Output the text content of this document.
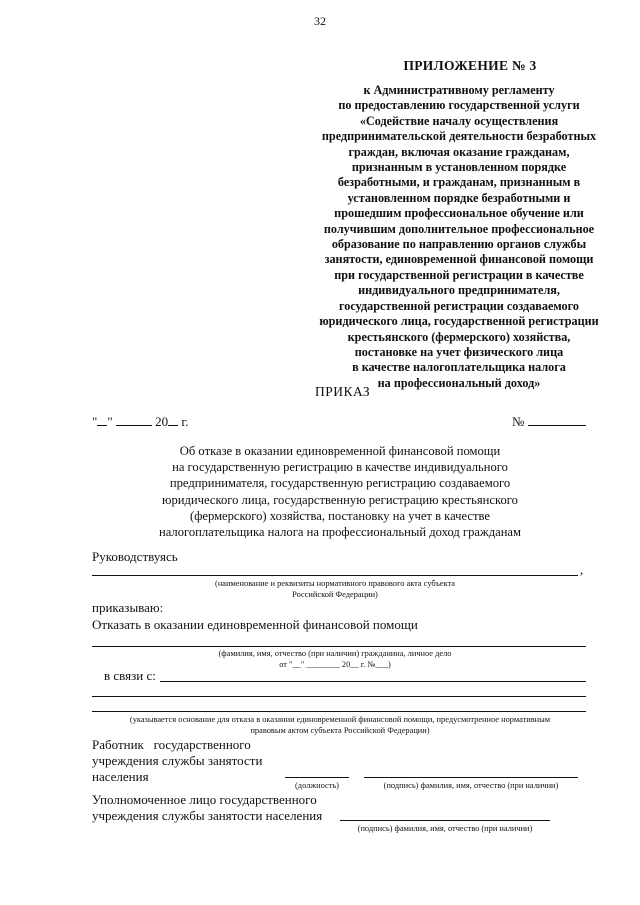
32
ПРИЛОЖЕНИЕ № 3
к Административному регламенту
по предоставлению государственной услуги
«Содействие началу осуществления
предпринимательской деятельности безработных
граждан, включая оказание гражданам,
признанным в установленном порядке
безработными, и гражданам, признанным в
установленном порядке безработными и
прошедшим профессиональное обучение или
получившим дополнительное профессиональное
образование по направлению органов службы
занятости, единовременной финансовой помощи
при государственной регистрации в качестве
индивидуального предпринимателя,
государственной регистрации создаваемого
юридического лица, государственной регистрации
крестьянского (фермерского) хозяйства,
постановке на учет физического лица
в качестве налогоплательщика налога
на профессиональный доход»
ПРИКАЗ
" "	20 г.	№
Об отказе в оказании единовременной финансовой помощи
на государственную регистрацию в качестве индивидуального
предпринимателя, государственную регистрацию создаваемого
юридического лица, государственную регистрацию крестьянского
(фермерского) хозяйства, постановку на учет в качестве
налогоплательщика налога на профессиональный доход гражданам
Руководствуясь
,
(наименование и реквизиты нормативного правового акта субъекта
Российской Федерации)
приказываю:
Отказать в оказании единовременной финансовой помощи
(фамилия, имя, отчество (при наличии) гражданина, личное дело
от "__" ________ 20__ г. №___)
в связи с:
(указывается основание для отказа в оказании единовременной финансовой помощи, предусмотренное нормативным
правовым актом субъекта Российской Федерации)
Работник   государственного
учреждения службы занятости
населения
(должность)	(подпись) фамилия, имя, отчество (при наличии)
Уполномоченное лицо государственного
учреждения службы занятости населения
(подпись) фамилия, имя, отчество (при наличии)
